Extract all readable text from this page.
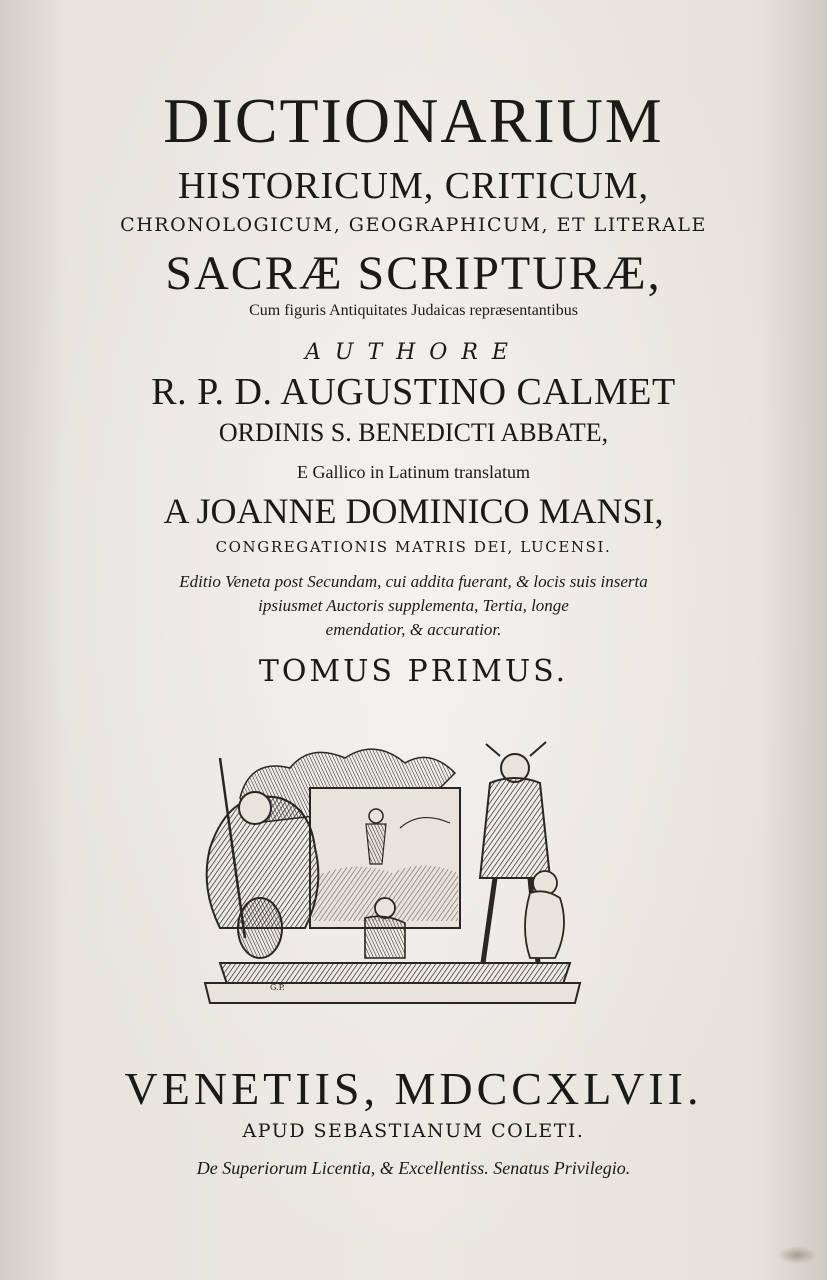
DICTIONARIUM
HISTORICUM, CRITICUM,
CHRONOLOGICUM, GEOGRAPHICUM, ET LITERALE
SACRÆ SCRIPTURÆ,
Cum figuris Antiquitates Judaicas repræsentantibus
AUTHORE
R. P. D. AUGUSTINO CALMET
ORDINIS S. BENEDICTI ABBATE,
E Gallico in Latinum translatum
A JOANNE DOMINICO MANSI,
CONGREGATIONIS MATRIS DEI, LUCENSI.
Editio Veneta post Secundam, cui addita fuerant, & locis suis inserta
ipsiusmet Auctoris supplementa, Tertia, longe
emendatior, & accuratior.
TOMUS PRIMUS.
G.P.
VENETIIS, MDCCXLVII.
APUD SEBASTIANUM COLETI.
De Superiorum Licentia, & Excellentiss. Senatus Privilegio.
